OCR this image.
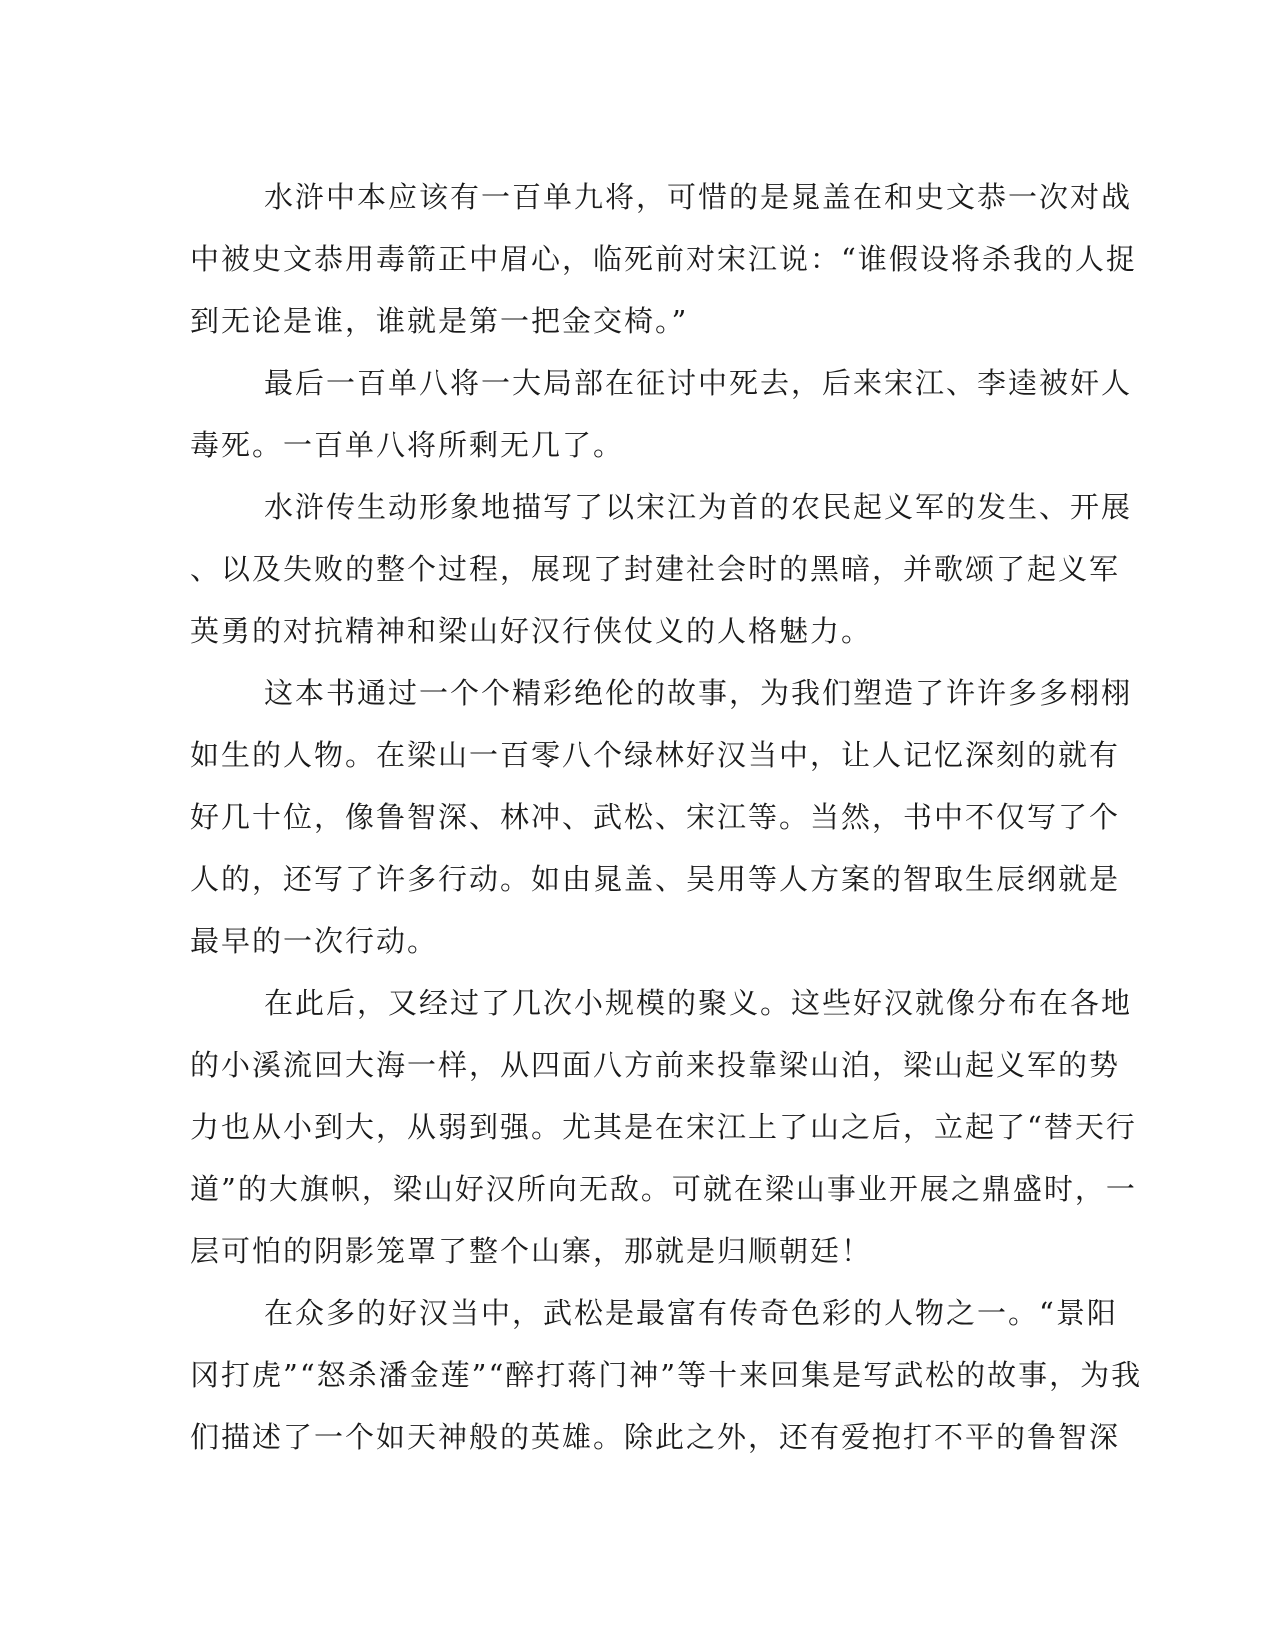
水浒中本应该有一百单九将，可惜的是晁盖在和史文恭一次对战
中被史文恭用毒箭正中眉心，临死前对宋江说：“谁假设将杀我的人捉
到无论是谁，谁就是第一把金交椅。”
最后一百单八将一大局部在征讨中死去，后来宋江、李逵被奸人
毒死。一百单八将所剩无几了。
水浒传生动形象地描写了以宋江为首的农民起义军的发生、开展
、以及失败的整个过程，展现了封建社会时的黑暗，并歌颂了起义军
英勇的对抗精神和梁山好汉行侠仗义的人格魅力。
这本书通过一个个精彩绝伦的故事，为我们塑造了许许多多栩栩
如生的人物。在梁山一百零八个绿林好汉当中，让人记忆深刻的就有
好几十位，像鲁智深、林冲、武松、宋江等。当然，书中不仅写了个
人的，还写了许多行动。如由晁盖、吴用等人方案的智取生辰纲就是
最早的一次行动。
在此后，又经过了几次小规模的聚义。这些好汉就像分布在各地
的小溪流回大海一样，从四面八方前来投靠梁山泊，梁山起义军的势
力也从小到大，从弱到强。尤其是在宋江上了山之后，立起了“替天行
道”的大旗帜，梁山好汉所向无敌。可就在梁山事业开展之鼎盛时，一
层可怕的阴影笼罩了整个山寨，那就是归顺朝廷！
在众多的好汉当中，武松是最富有传奇色彩的人物之一。“景阳
冈打虎”“怒杀潘金莲”“醉打蒋门神”等十来回集是写武松的故事，为我
们描述了一个如天神般的英雄。除此之外，还有爱抱打不平的鲁智深
